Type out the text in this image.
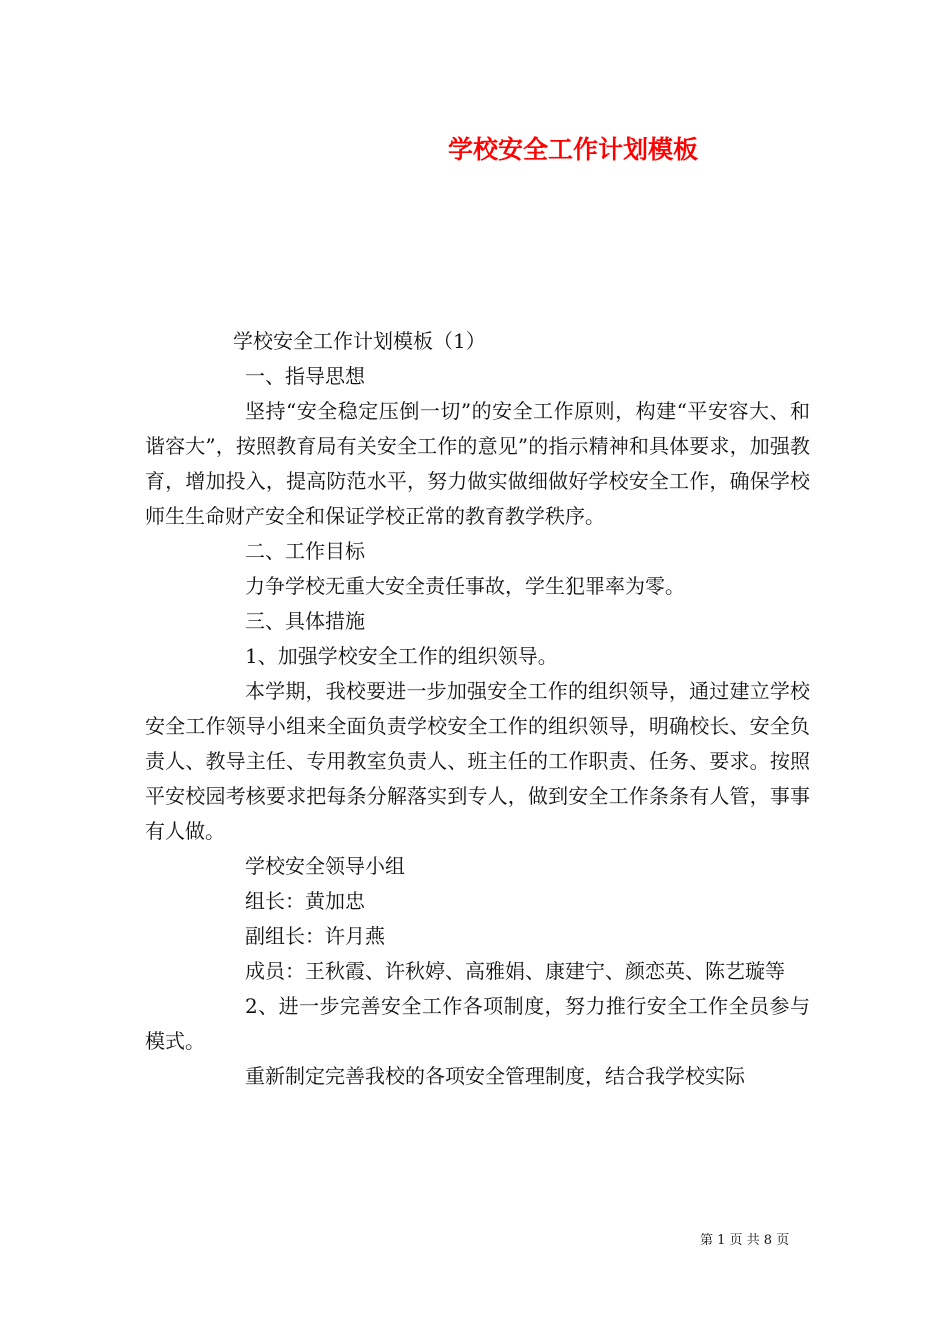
学校安全工作计划模板

学校安全工作计划模板（1）

一、指导思想

坚持“安全稳定压倒一切”的安全工作原则，构建“平安容大、和谐容大”，按照教育局有关安全工作的意见”的指示精神和具体要求，加强教育，增加投入，提高防范水平，努力做实做细做好学校安全工作，确保学校师生生命财产安全和保证学校正常的教育教学秩序。

二、工作目标

力争学校无重大安全责任事故，学生犯罪率为零。

三、具体措施

1、加强学校安全工作的组织领导。

本学期，我校要进一步加强安全工作的组织领导，通过建立学校安全工作领导小组来全面负责学校安全工作的组织领导，明确校长、安全负责人、教导主任、专用教室负责人、班主任的工作职责、任务、要求。按照平安校园考核要求把每条分解落实到专人，做到安全工作条条有人管，事事有人做。

学校安全领导小组

组长：黄加忠

副组长：许月燕

成员：王秋霞、许秋婷、高雅娟、康建宁、颜恋英、陈艺璇等

2、进一步完善安全工作各项制度，努力推行安全工作全员参与模式。

重新制定完善我校的各项安全管理制度，结合我学校实际

第 1 页 共 8 页
